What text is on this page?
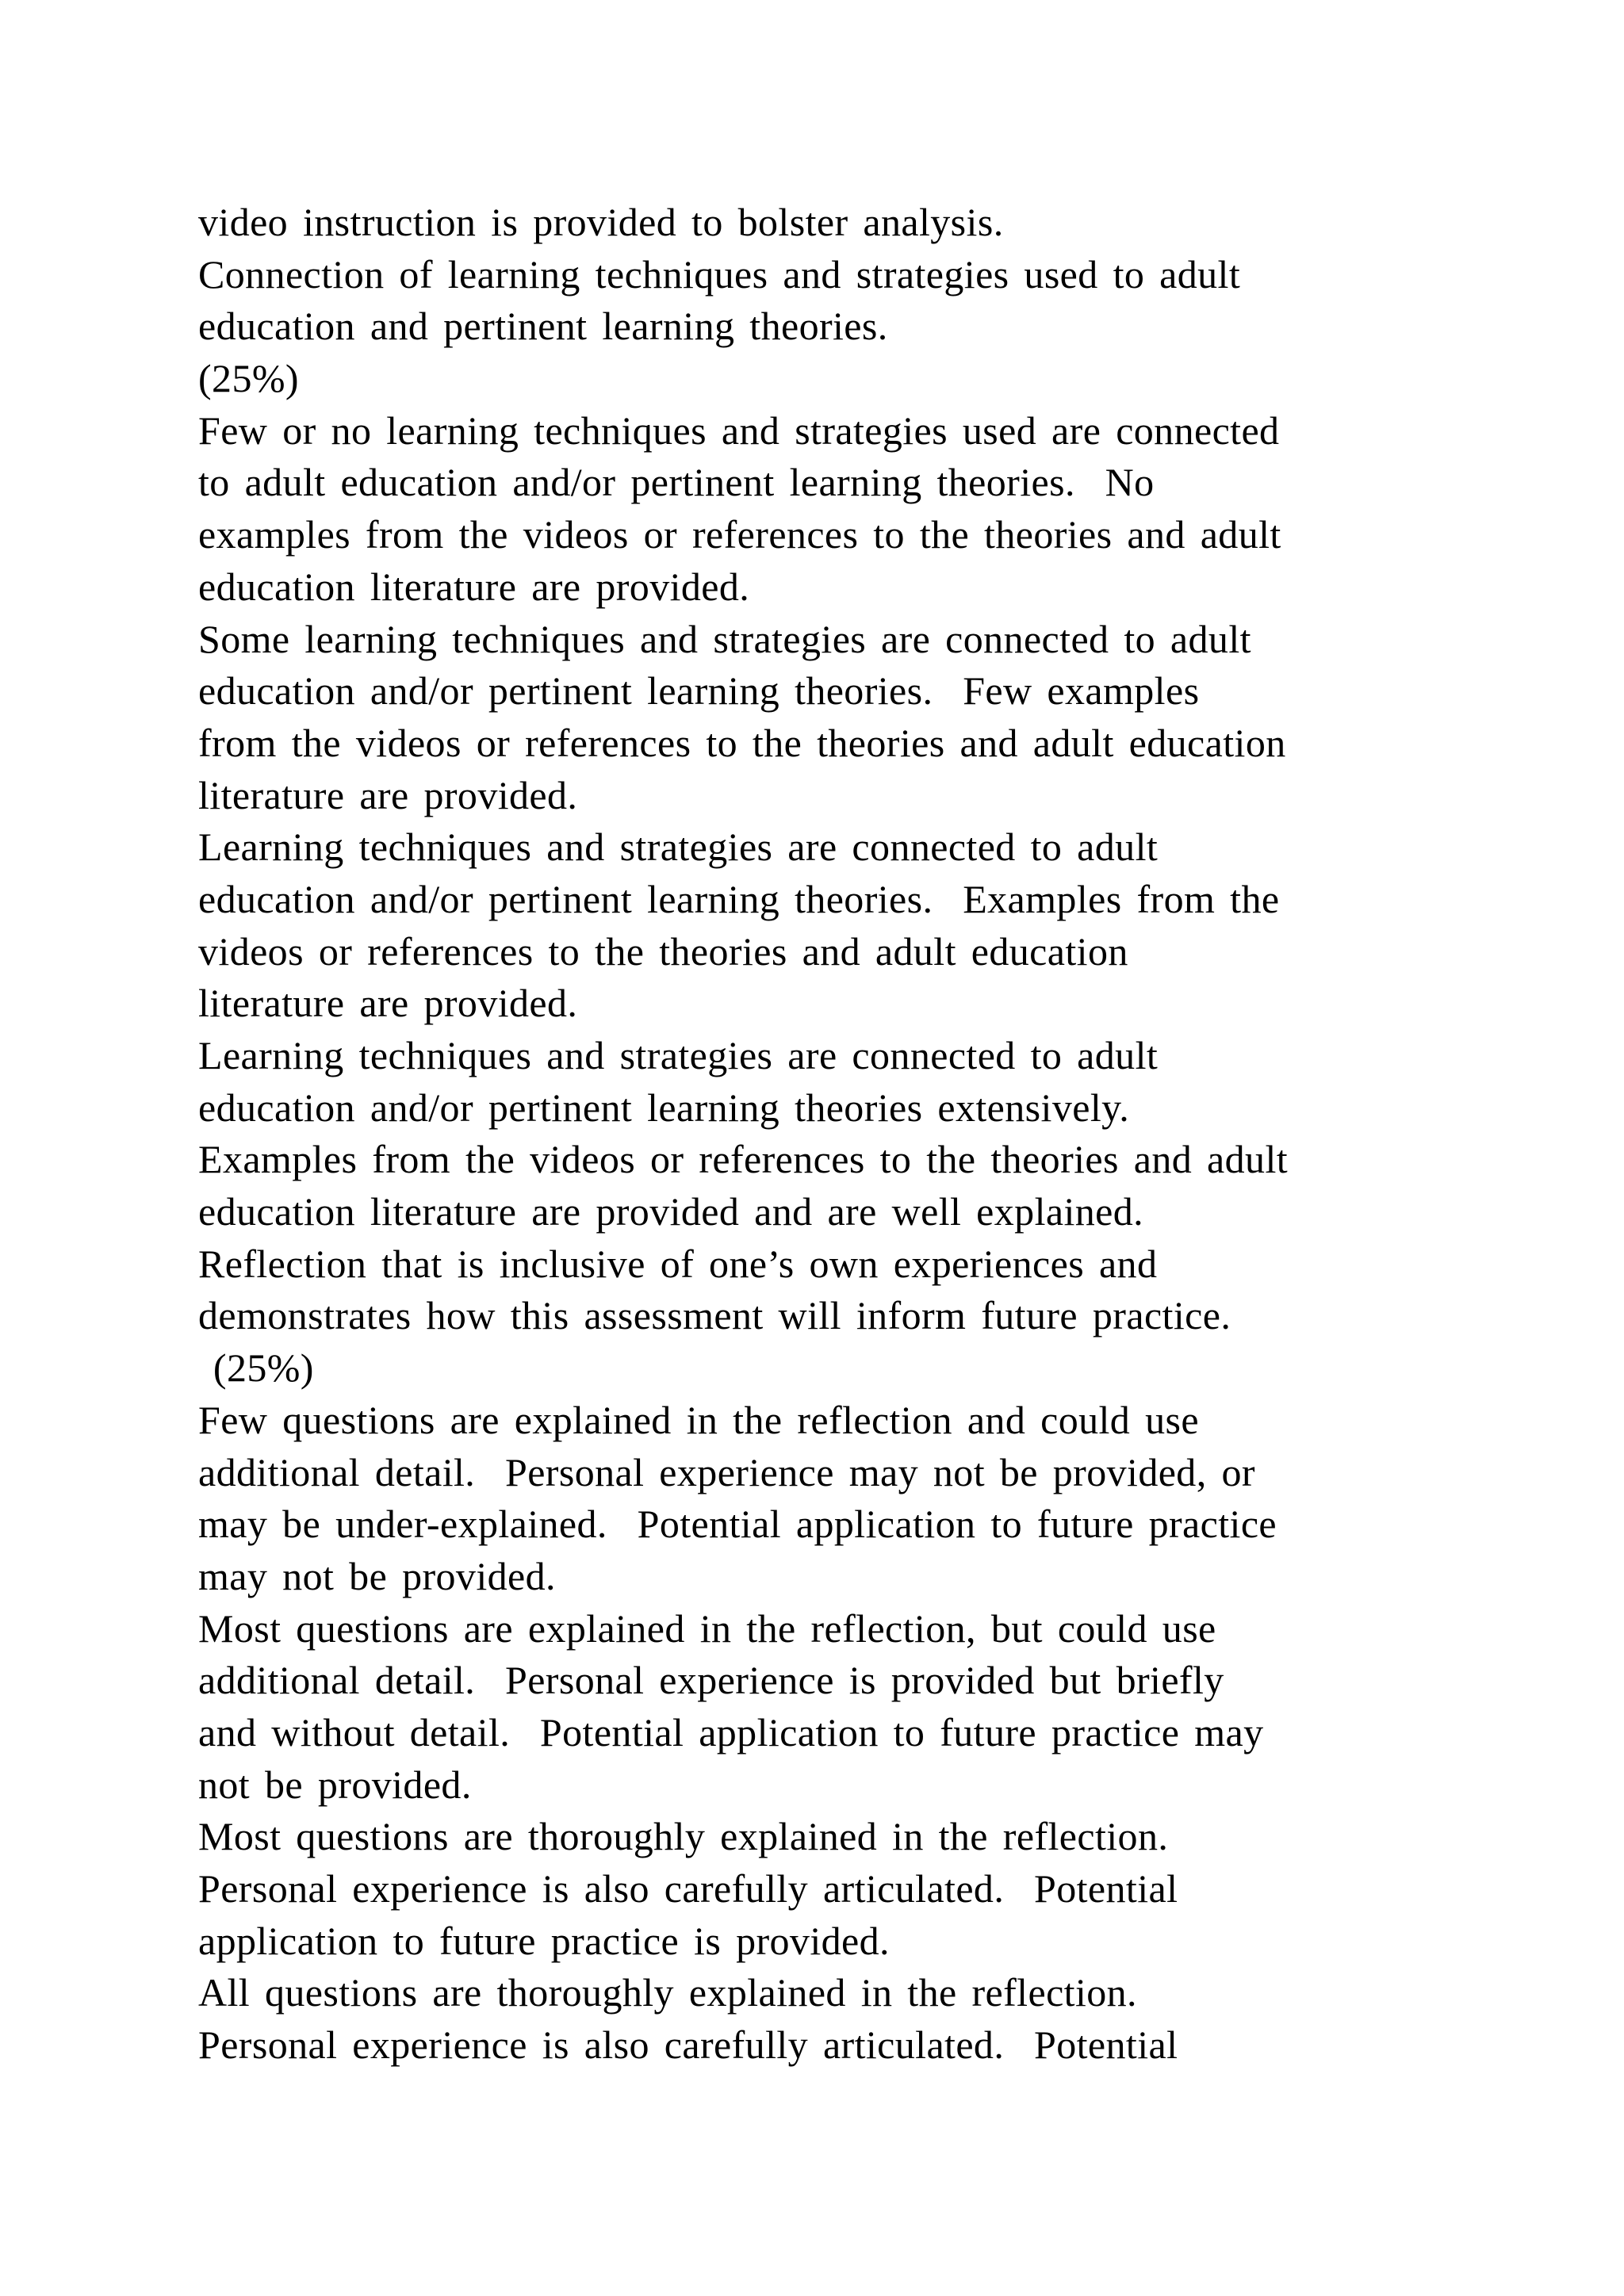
video instruction is provided to bolster analysis.
Connection of learning techniques and strategies used to adult
education and pertinent learning theories.
(25%)
Few or no learning techniques and strategies used are connected
to adult education and/or pertinent learning theories.  No
examples from the videos or references to the theories and adult
education literature are provided.
Some learning techniques and strategies are connected to adult
education and/or pertinent learning theories.  Few examples
from the videos or references to the theories and adult education
literature are provided.
Learning techniques and strategies are connected to adult
education and/or pertinent learning theories.  Examples from the
videos or references to the theories and adult education
literature are provided.
Learning techniques and strategies are connected to adult
education and/or pertinent learning theories extensively.
Examples from the videos or references to the theories and adult
education literature are provided and are well explained.
Reflection that is inclusive of one’s own experiences and
demonstrates how this assessment will inform future practice.
(25%)
Few questions are explained in the reflection and could use
additional detail.  Personal experience may not be provided, or
may be under-explained.  Potential application to future practice
may not be provided.
Most questions are explained in the reflection, but could use
additional detail.  Personal experience is provided but briefly
and without detail.  Potential application to future practice may
not be provided.
Most questions are thoroughly explained in the reflection.
Personal experience is also carefully articulated.  Potential
application to future practice is provided.
All questions are thoroughly explained in the reflection.
Personal experience is also carefully articulated.  Potential
